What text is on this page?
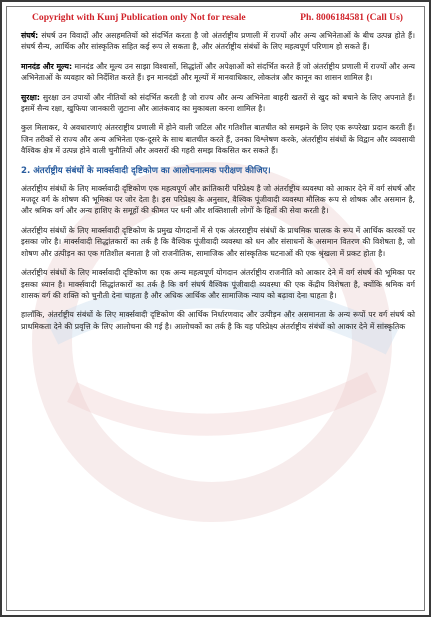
Copyright with Kunj Publication only Not for resale	Ph. 8006184581 (Call Us)

संघर्ष: संघर्ष उन विवादों और असहमतियों को संदर्भित करता है जो अंतर्राष्ट्रीय प्रणाली में राज्यों और अन्य अभिनेताओं के बीच उत्पन्न होते हैं। संघर्ष सैन्य, आर्थिक और सांस्कृतिक सहित कई रूप ले सकता है, और अंतर्राष्ट्रीय संबंधों के लिए महत्वपूर्ण परिणाम हो सकते हैं।

मानदंड और मूल्य: मानदंड और मूल्य उन साझा विश्वासों, सिद्धांतों और अपेक्षाओं को संदर्भित करते हैं जो अंतर्राष्ट्रीय प्रणाली में राज्यों और अन्य अभिनेताओं के व्यवहार को निर्देशित करते हैं। इन मानदंडों और मूल्यों में मानवाधिकार, लोकतंत्र और कानून का शासन शामिल है।

सुरक्षा: सुरक्षा उन उपायों और नीतियों को संदर्भित करती है जो राज्य और अन्य अभिनेता बाहरी खतरों से खुद को बचाने के लिए अपनाते हैं। इसमें सैन्य रक्षा, खुफिया जानकारी जुटाना और आतंकवाद का मुकाबला करना शामिल है।

कुल मिलाकर, ये अवधारणाएं अंतरराष्ट्रीय प्रणाली में होने वाली जटिल और गतिशील बातचीत को समझने के लिए एक रूपरेखा प्रदान करती हैं। जिन तरीकों से राज्य और अन्य अभिनेता एक-दूसरे के साथ बातचीत करते हैं, उनका विश्लेषण करके, अंतर्राष्ट्रीय संबंधों के विद्वान और व्यवसायी वैश्विक क्षेत्र में उत्पन्न होने वाली चुनौतियों और अवसरों की गहरी समझ विकसित कर सकते हैं।

2. अंतर्राष्ट्रीय संबंधों के मार्क्सवादी दृष्टिकोण का आलोचनात्मक परीक्षण कीजिए।

अंतर्राष्ट्रीय संबंधों के लिए मार्क्सवादी दृष्टिकोण एक महत्वपूर्ण और क्रांतिकारी परिप्रेक्ष्य है जो अंतर्राष्ट्रीय व्यवस्था को आकार देने में वर्ग संघर्ष और मजदूर वर्ग के शोषण की भूमिका पर जोर देता है। इस परिप्रेक्ष्य के अनुसार, वैश्विक पूंजीवादी व्यवस्था मौलिक रूप से शोषक और असमान है, और श्रमिक वर्ग और अन्य हाशिए के समूहों की कीमत पर धनी और शक्तिशाली लोगों के हितों की सेवा करती है।

अंतर्राष्ट्रीय संबंधों के लिए मार्क्सवादी दृष्टिकोण के प्रमुख योगदानों में से एक अंतरराष्ट्रीय संबंधों के प्राथमिक चालक के रूप में आर्थिक कारकों पर इसका जोर है। मार्क्सवादी सिद्धांतकारों का तर्क है कि वैश्विक पूंजीवादी व्यवस्था को धन और संसाधनों के असमान वितरण की विशेषता है, जो शोषण और उत्पीड़न का एक गतिशील बनाता है जो राजनीतिक, सामाजिक और सांस्कृतिक घटनाओं की एक श्रृंखला में प्रकट होता है।

अंतर्राष्ट्रीय संबंधों के लिए मार्क्सवादी दृष्टिकोण का एक अन्य महत्वपूर्ण योगदान अंतर्राष्ट्रीय राजनीति को आकार देने में वर्ग संघर्ष की भूमिका पर इसका ध्यान है। मार्क्सवादी सिद्धांतकारों का तर्क है कि वर्ग संघर्ष वैश्विक पूंजीवादी व्यवस्था की एक केंद्रीय विशेषता है, क्योंकि श्रमिक वर्ग शासक वर्ग की शक्ति को चुनौती देना चाहता है और अधिक आर्थिक और सामाजिक न्याय को बढ़ावा देना चाहता है।

हालाँकि, अंतर्राष्ट्रीय संबंधों के लिए मार्क्सवादी दृष्टिकोण की आर्थिक निर्धारणवाद और उत्पीड़न और असमानता के अन्य रूपों पर वर्ग संघर्ष को प्राथमिकता देने की प्रवृत्ति के लिए आलोचना की गई है। आलोचकों का तर्क है कि यह परिप्रेक्ष्य अंतर्राष्ट्रीय संबंधों को आकार देने में सांस्कृतिक
